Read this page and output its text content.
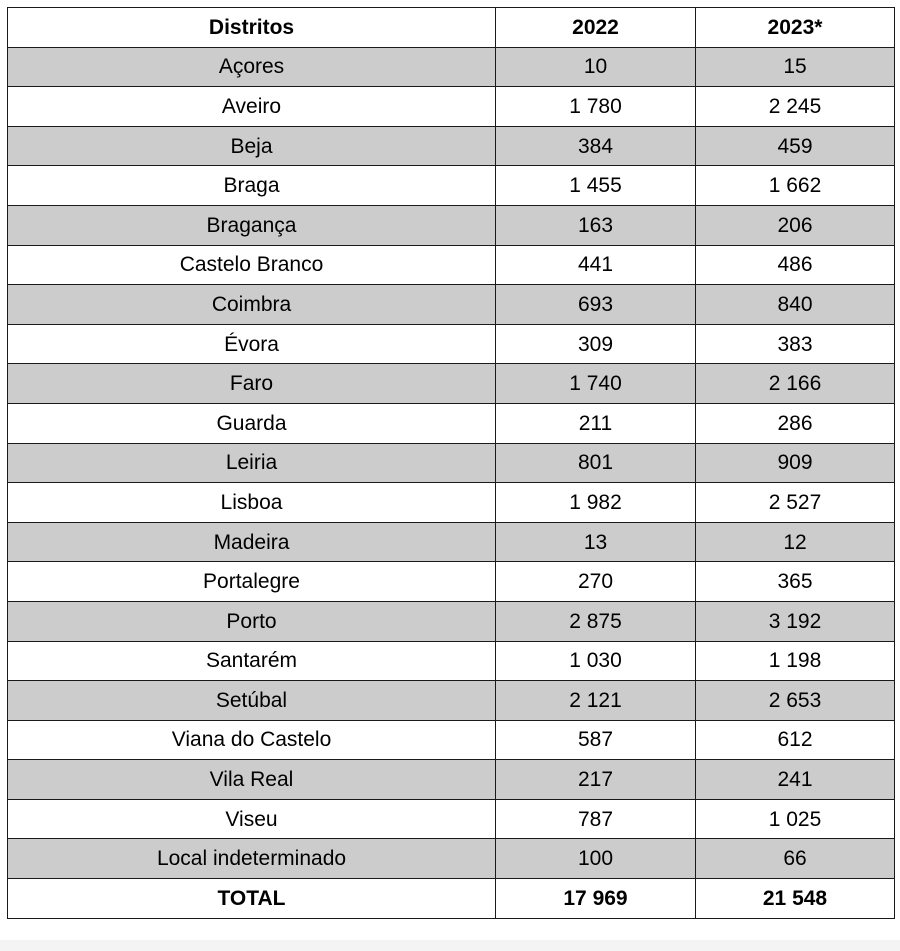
Distritos	2022	2023*
Açores	10	15
Aveiro	1 780	2 245
Beja	384	459
Braga	1 455	1 662
Bragança	163	206
Castelo Branco	441	486
Coimbra	693	840
Évora	309	383
Faro	1 740	2 166
Guarda	211	286
Leiria	801	909
Lisboa	1 982	2 527
Madeira	13	12
Portalegre	270	365
Porto	2 875	3 192
Santarém	1 030	1 198
Setúbal	2 121	2 653
Viana do Castelo	587	612
Vila Real	217	241
Viseu	787	1 025
Local indeterminado	100	66
TOTAL	17 969	21 548
